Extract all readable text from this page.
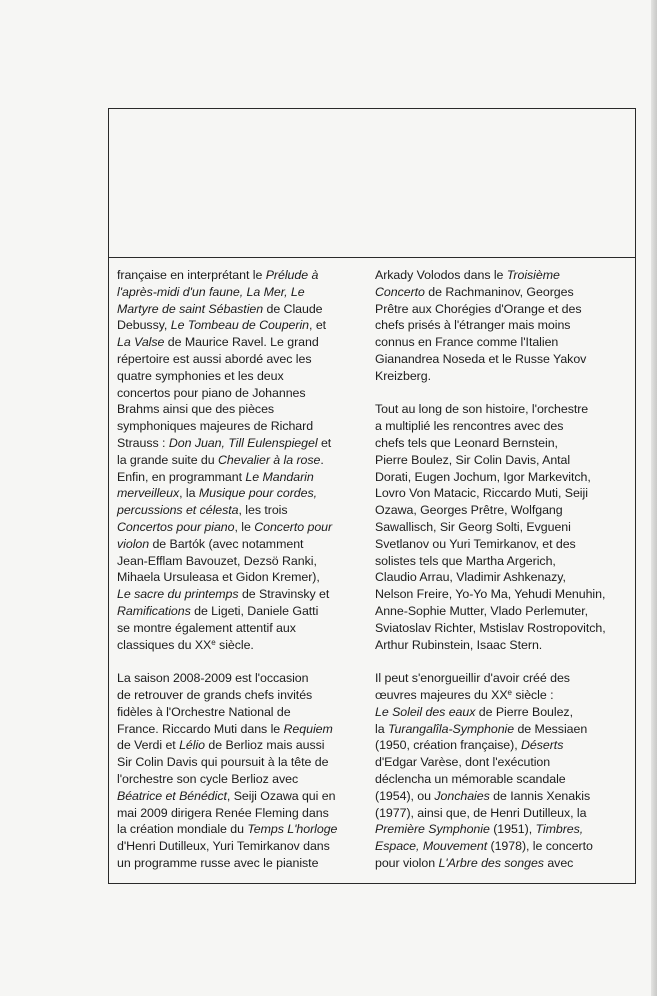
française en interprétant le Prélude à
l'après-midi d'un faune, La Mer, Le
Martyre de saint Sébastien de Claude
Debussy, Le Tombeau de Couperin, et
La Valse de Maurice Ravel. Le grand
répertoire est aussi abordé avec les
quatre symphonies et les deux
concertos pour piano de Johannes
Brahms ainsi que des pièces
symphoniques majeures de Richard
Strauss : Don Juan, Till Eulenspiegel et
la grande suite du Chevalier à la rose.
Enfin, en programmant Le Mandarin
merveilleux, la Musique pour cordes,
percussions et célesta, les trois
Concertos pour piano, le Concerto pour
violon de Bartók (avec notamment
Jean-Efflam Bavouzet, Dezsö Ranki,
Mihaela Ursuleasa et Gidon Kremer),
Le sacre du printemps de Stravinsky et
Ramifications de Ligeti, Daniele Gatti
se montre également attentif aux
classiques du XXe siècle.
La saison 2008-2009 est l'occasion
de retrouver de grands chefs invités
fidèles à l'Orchestre National de
France. Riccardo Muti dans le Requiem
de Verdi et Lélio de Berlioz mais aussi
Sir Colin Davis qui poursuit à la tête de
l'orchestre son cycle Berlioz avec
Béatrice et Bénédict, Seiji Ozawa qui en
mai 2009 dirigera Renée Fleming dans
la création mondiale du Temps L'horloge
d'Henri Dutilleux, Yuri Temirkanov dans
un programme russe avec le pianiste
Arkady Volodos dans le Troisième
Concerto de Rachmaninov, Georges
Prêtre aux Chorégies d'Orange et des
chefs prisés à l'étranger mais moins
connus en France comme l'Italien
Gianandrea Noseda et le Russe Yakov
Kreizberg.
Tout au long de son histoire, l'orchestre
a multiplié les rencontres avec des
chefs tels que Leonard Bernstein,
Pierre Boulez, Sir Colin Davis, Antal
Dorati, Eugen Jochum, Igor Markevitch,
Lovro Von Matacic, Riccardo Muti, Seiji
Ozawa, Georges Prêtre, Wolfgang
Sawallisch, Sir Georg Solti, Evgueni
Svetlanov ou Yuri Temirkanov, et des
solistes tels que Martha Argerich,
Claudio Arrau, Vladimir Ashkenazy,
Nelson Freire, Yo-Yo Ma, Yehudi Menuhin,
Anne-Sophie Mutter, Vlado Perlemuter,
Sviatoslav Richter, Mstislav Rostropovitch,
Arthur Rubinstein, Isaac Stern.
Il peut s'enorgueillir d'avoir créé des
œuvres majeures du XXe siècle :
Le Soleil des eaux de Pierre Boulez,
la Turangalîla-Symphonie de Messiaen
(1950, création française), Déserts
d'Edgar Varèse, dont l'exécution
déclencha un mémorable scandale
(1954), ou Jonchaies de Iannis Xenakis
(1977), ainsi que, de Henri Dutilleux, la
Première Symphonie (1951), Timbres,
Espace, Mouvement (1978), le concerto
pour violon L'Arbre des songes avec
